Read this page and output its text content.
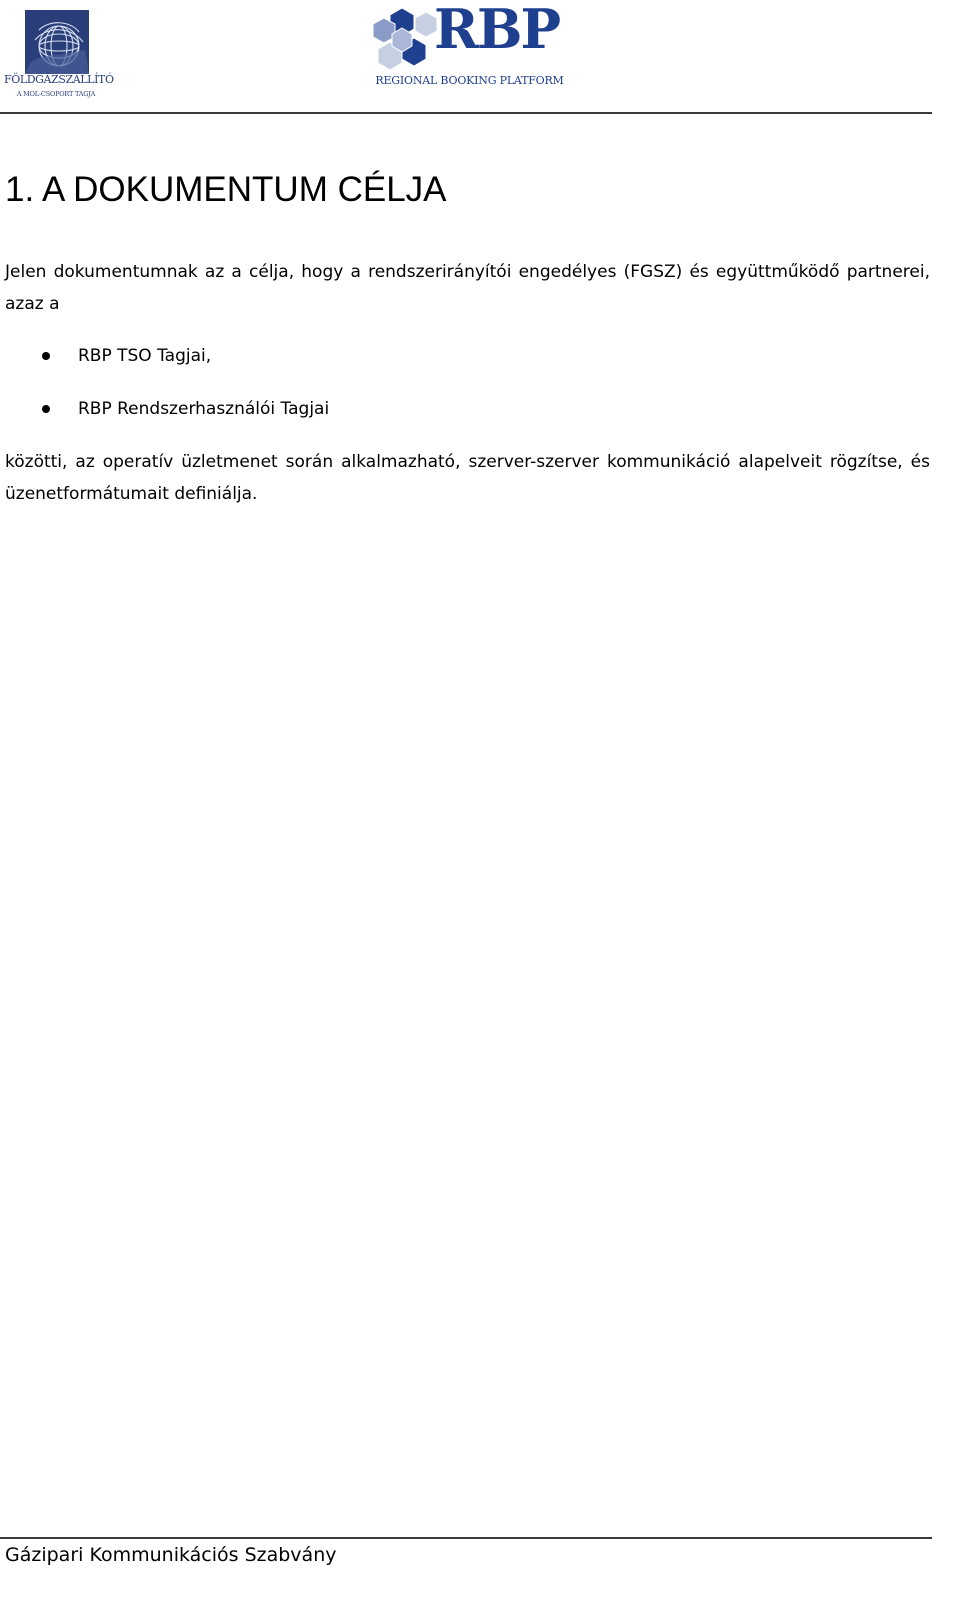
FÖLDGÁZSZÁLLÍTÓ
A MOL-CSOPORT TAGJA
RBP
REGIONAL BOOKING PLATFORM
1. A DOKUMENTUM CÉLJA

Jelen dokumentumnak az a célja, hogy a rendszerirányítói engedélyes (FGSZ) és együttműködő partnerei, azaz a

RBP TSO Tagjai,
RBP Rendszerhasználói Tagjai

közötti, az operatív üzletmenet során alkalmazható, szerver-szerver kommunikáció alapelveit rögzítse, és üzenetformátumait definiálja.

Gázipari Kommunikációs Szabvány
